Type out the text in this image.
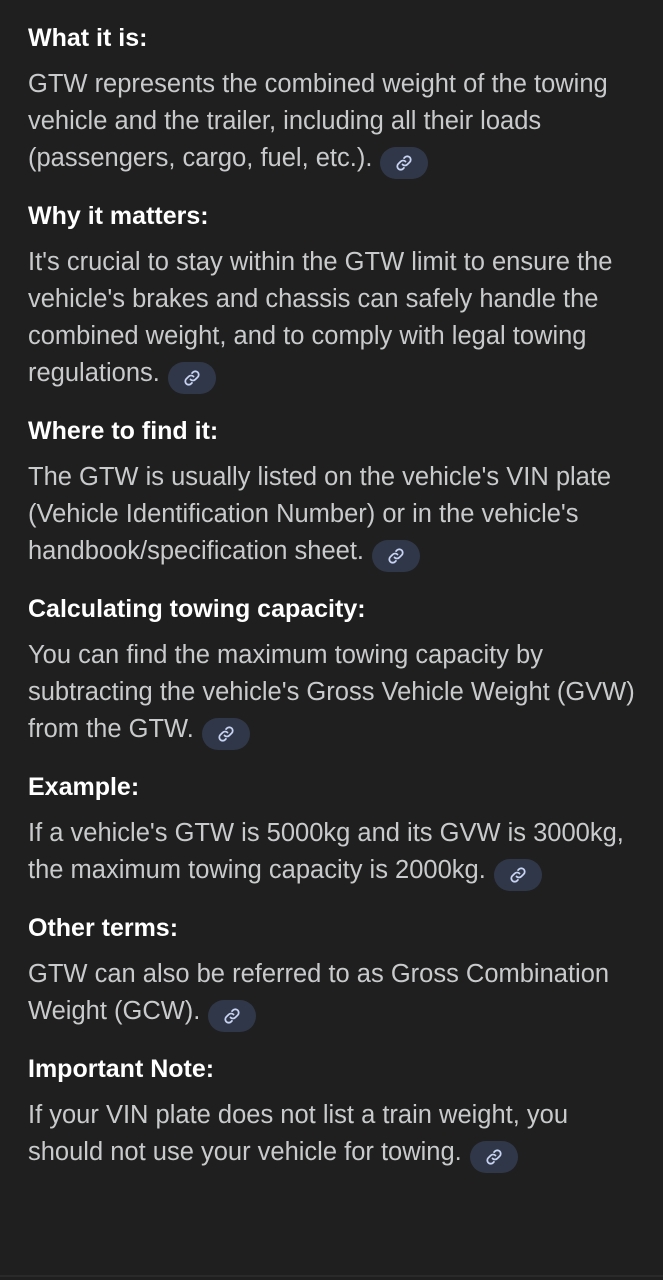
What it is:

GTW represents the combined weight of the towing vehicle and the trailer, including all their loads (passengers, cargo, fuel, etc.).

Why it matters:

It's crucial to stay within the GTW limit to ensure the vehicle's brakes and chassis can safely handle the combined weight, and to comply with legal towing regulations.

Where to find it:

The GTW is usually listed on the vehicle's VIN plate (Vehicle Identification Number) or in the vehicle's handbook/specification sheet.

Calculating towing capacity:

You can find the maximum towing capacity by subtracting the vehicle's Gross Vehicle Weight (GVW) from the GTW.

Example:

If a vehicle's GTW is 5000kg and its GVW is 3000kg, the maximum towing capacity is 2000kg.

Other terms:

GTW can also be referred to as Gross Combination Weight (GCW).

Important Note:

If your VIN plate does not list a train weight, you should not use your vehicle for towing.
